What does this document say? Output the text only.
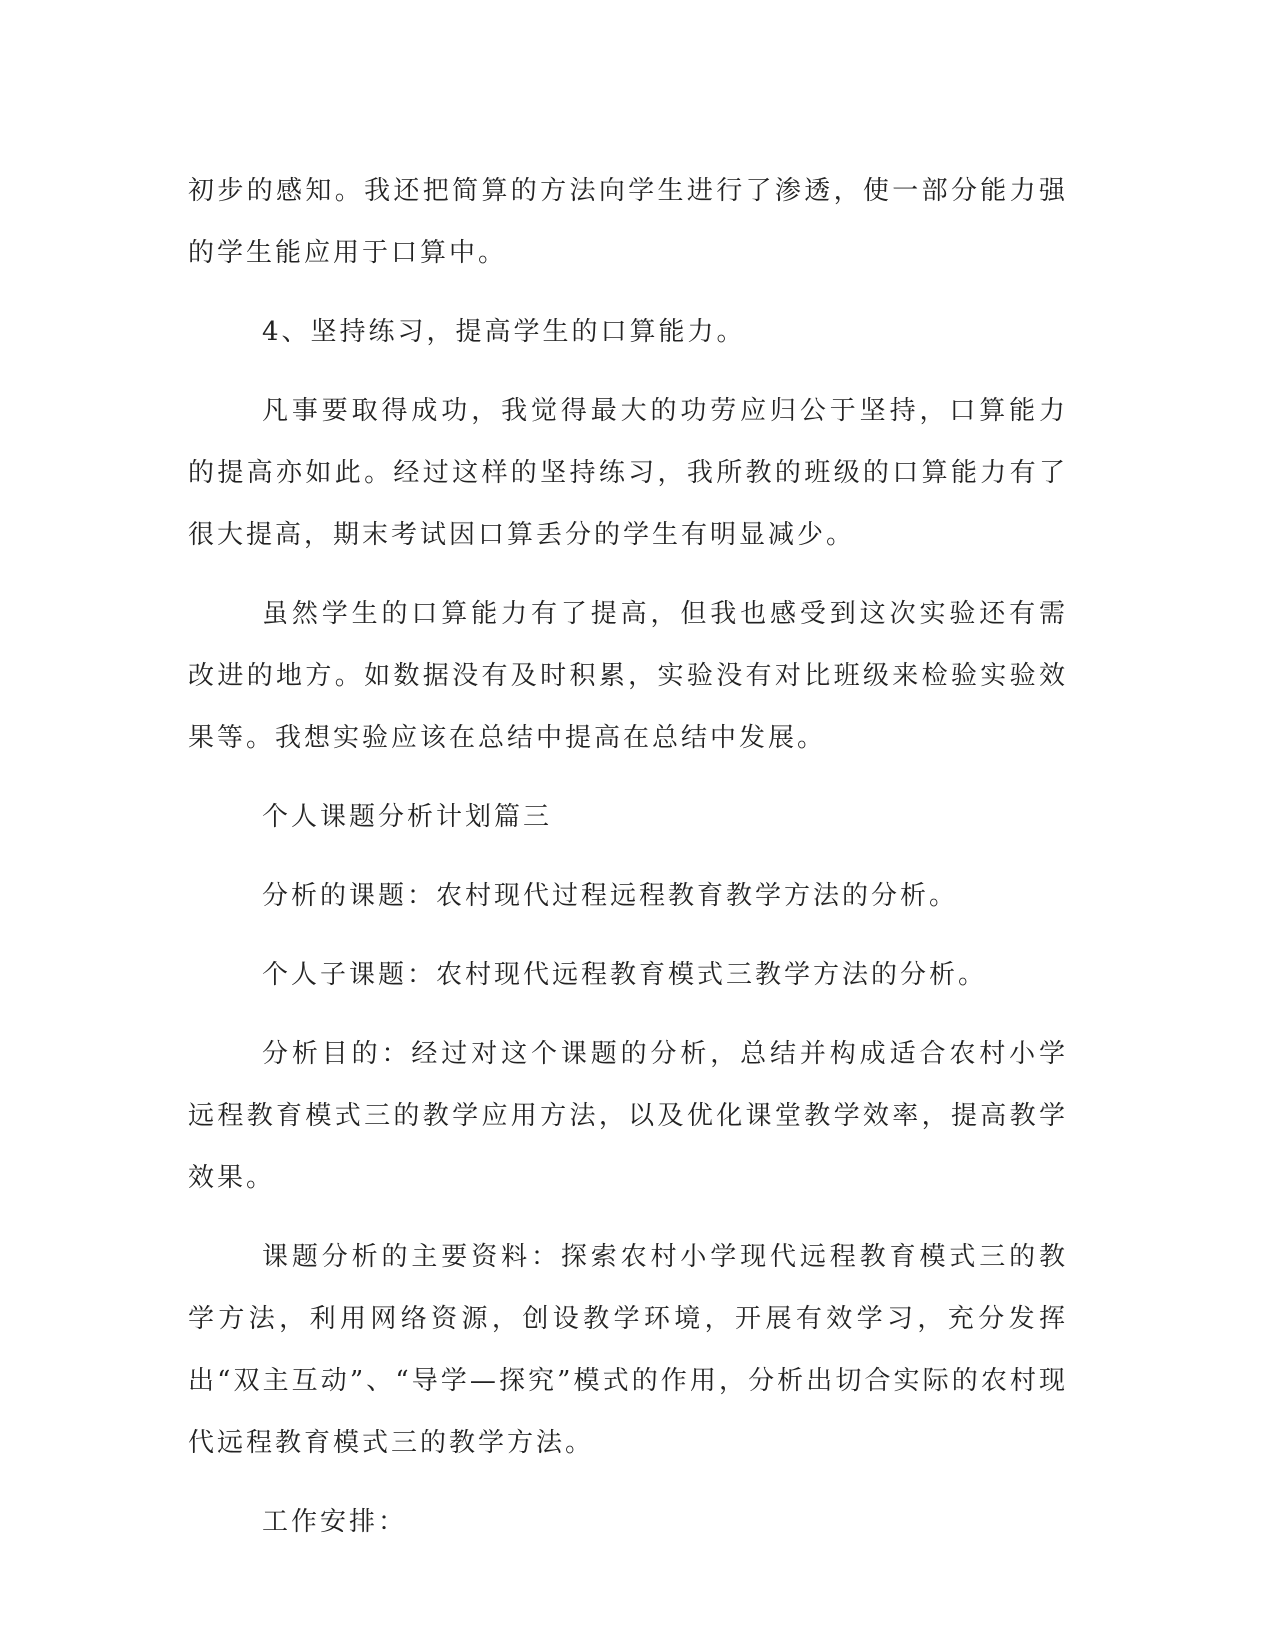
初步的感知。我还把简算的方法向学生进行了渗透，使一部分能力强的学生能应用于口算中。

4、坚持练习，提高学生的口算能力。

凡事要取得成功，我觉得最大的功劳应归公于坚持，口算能力的提高亦如此。经过这样的坚持练习，我所教的班级的口算能力有了很大提高，期末考试因口算丢分的学生有明显减少。

虽然学生的口算能力有了提高，但我也感受到这次实验还有需改进的地方。如数据没有及时积累，实验没有对比班级来检验实验效果等。我想实验应该在总结中提高在总结中发展。

个人课题分析计划篇三

分析的课题：农村现代过程远程教育教学方法的分析。

个人子课题：农村现代远程教育模式三教学方法的分析。

分析目的：经过对这个课题的分析，总结并构成适合农村小学远程教育模式三的教学应用方法，以及优化课堂教学效率，提高教学效果。

课题分析的主要资料：探索农村小学现代远程教育模式三的教学方法，利用网络资源，创设教学环境，开展有效学习，充分发挥出“双主互动”、“导学—探究”模式的作用，分析出切合实际的农村现代远程教育模式三的教学方法。

工作安排：
